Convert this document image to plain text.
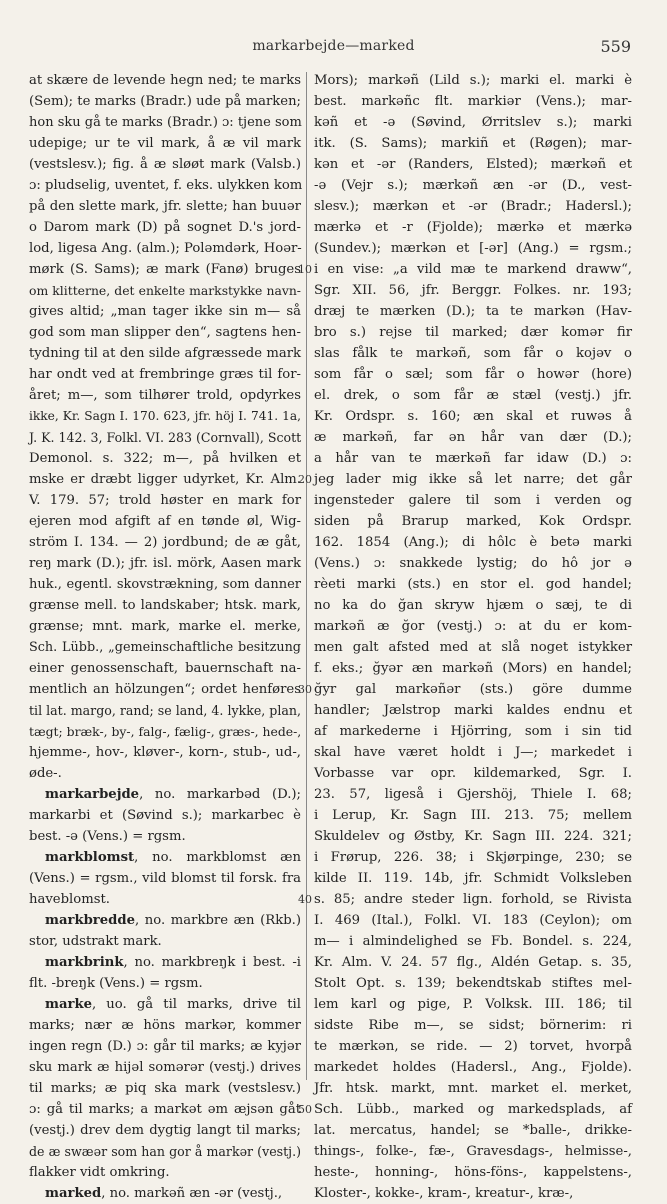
markarbejde—marked	559
at skære de levende hegn ned; te marks
(Sem); te marks (Bradr.) ude på marken;
hon sku gå te marks (Bradr.) ɔ: tjene som
udepige; ur te vil mark, å æ vil mark
(vestslesv.); fig. å æ sløøt mark (Valsb.)
ɔ: pludselig, uventet, f. eks. ulykken kom
på den slette mark, jfr. slette; han buuər
o Darom mark (D) på sognet D.'s jord-
lod, ligesa Ang. (alm.); Poləmdərk, Hoər-
mørk (S. Sams); æ mark (Fanø) bruges
om klitterne, det enkelte markstykke navn-
gives altid; „man tager ikke sin m— så
god som man slipper den“, sagtens hen-
tydning til at den silde afgræssede mark
har ondt ved at frembringe græs til for-
året; m—, som tilhører trold, opdyrkes
ikke, Kr. Sagn I. 170. 623, jfr. höj I. 741. 1a,
J. K. 142. 3, Folkl. VI. 283 (Cornvall), Scott
Demonol. s. 322; m—, på hvilken et
mske er dræbt ligger udyrket, Kr. Alm.
V. 179. 57; trold høster en mark for
ejeren mod afgift af en tønde øl, Wig-
ström I. 134. — 2) jordbund; de æ gåt,
reŋ mark (D.); jfr. isl. mörk, Aasen mark
huk., egentl. skovstrækning, som danner
grænse mell. to landskaber; htsk. mark,
grænse; mnt. mark, marke el. merke,
Sch. Lübb., „gemeinschaftliche besitzung
einer genossenschaft, bauernschaft na-
mentlich an hölzungen“; ordet henføres
til lat. margo, rand; se land, 4. lykke, plan,
tægt; bræk-, by-, falg-, fælig-, græs-, hede-,
hjemme-, hov-, kløver-, korn-, stub-, ud-,
øde-.
markarbejde, no. markarbəd (D.);
markarbi et (Søvind s.); markarbec è
best. -ə (Vens.) = rgsm.
markblomst, no. markblomst æn
(Vens.) = rgsm., vild blomst til forsk. fra
haveblomst.
markbredde, no. markbre æn (Rkb.)
stor, udstrakt mark.
markbrink, no. markbreŋk i best. -i
flt. -breŋk (Vens.) = rgsm.
marke, uo. gå til marks, drive til
marks; nær æ höns markər, kommer
ingen regn (D.) ɔ: går til marks; æ kyjər
sku mark æ hijəl somərər (vestj.) drives
til marks; æ piq ska mark (vestslesv.)
ɔ: gå til marks; a markət əm æjsən gåt
(vestj.) drev dem dygtig langt til marks;
de æ swæər som han gor å markər (vestj.)
flakker vidt omkring.
marked, no. markəñ æn -ər (vestj.,
Mors); markəñ (Lild s.); marki el. marki è
best. markəñc flt. markiər (Vens.); mar-
kəñ et -ə (Søvind, Ørritslev s.); marki
itk. (S. Sams); markiñ et (Røgen); mar-
kən et -ər (Randers, Elsted); mærkəñ et
-ə (Vejr s.); mærkəñ æn -ər (D., vest-
slesv.); mærkən et -ər (Bradr.; Hadersl.);
mærkə et -r (Fjolde); mærkə et mærkə
(Sundev.); mærkən et [-ər] (Ang.) = rgsm.;
i en vise: „a vild mæ te markend draww“,
Sgr. XII. 56, jfr. Berggr. Folkes. nr. 193;
dræj te mærken (D.); ta te markən (Hav-
bro s.) rejse til marked; dær komər fir
slas fålk te markəñ, som får o kojəv o
som får o sæl; som får o howər (hore)
el. drek, o som får æ stæl (vestj.) jfr.
Kr. Ordspr. s. 160; æn skal et ruwəs å
æ markəñ, far ən hår van dær (D.);
a hår van te mærkəñ far idaw (D.) ɔ:
jeg lader mig ikke så let narre; det går
ingensteder galere til som i verden og
siden på Brarup marked, Kok Ordspr.
162. 1854 (Ang.); di hôlc è betə marki
(Vens.) ɔ: snakkede lystig; do hô jor ə
rèeti marki (sts.) en stor el. god handel;
no ka do ğan skryw hjæm o sæj, te di
markəñ æ ğor (vestj.) ɔ: at du er kom-
men galt afsted med at slå noget istykker
f. eks.; ğyər æn markəñ (Mors) en handel;
ğyr gal markəñər (sts.) göre dumme
handler; Jælstrop marki kaldes endnu et
af markederne i Hjörring, som i sin tid
skal have været holdt i J—; markedet i
Vorbasse var opr. kildemarked, Sgr. I.
23. 57, ligeså i Gjershöj, Thiele I. 68;
i Lerup, Kr. Sagn III. 213. 75; mellem
Skuldelev og Østby, Kr. Sagn III. 224. 321;
i Frørup, 226. 38; i Skjørpinge, 230; se
kilde II. 119. 14b, jfr. Schmidt Volksleben
s. 85; andre steder lign. forhold, se Rivista
I. 469 (Ital.), Folkl. VI. 183 (Ceylon); om
m— i almindelighed se Fb. Bondel. s. 224,
Kr. Alm. V. 24. 57 flg., Aldén Getap. s. 35,
Stolt Opt. s. 139; bekendtskab stiftes mel-
lem karl og pige, P. Volksk. III. 186; til
sidste Ribe m—, se sidst; börnerim: ri
te mærkən, se ride. — 2) torvet, hvorpå
markedet holdes (Hadersl., Ang., Fjolde).
Jfr. htsk. markt, mnt. market el. merket,
Sch. Lübb., marked og markedsplads, af
lat. mercatus, handel; se *balle-, drikke-
things-, folke-, fæ-, Gravesdags-, helmisse-,
heste-, honning-, höns-föns-, kappelstens-,
Kloster-, kokke-, kram-, kreatur-, kræ-,
10
20
30
40
50
